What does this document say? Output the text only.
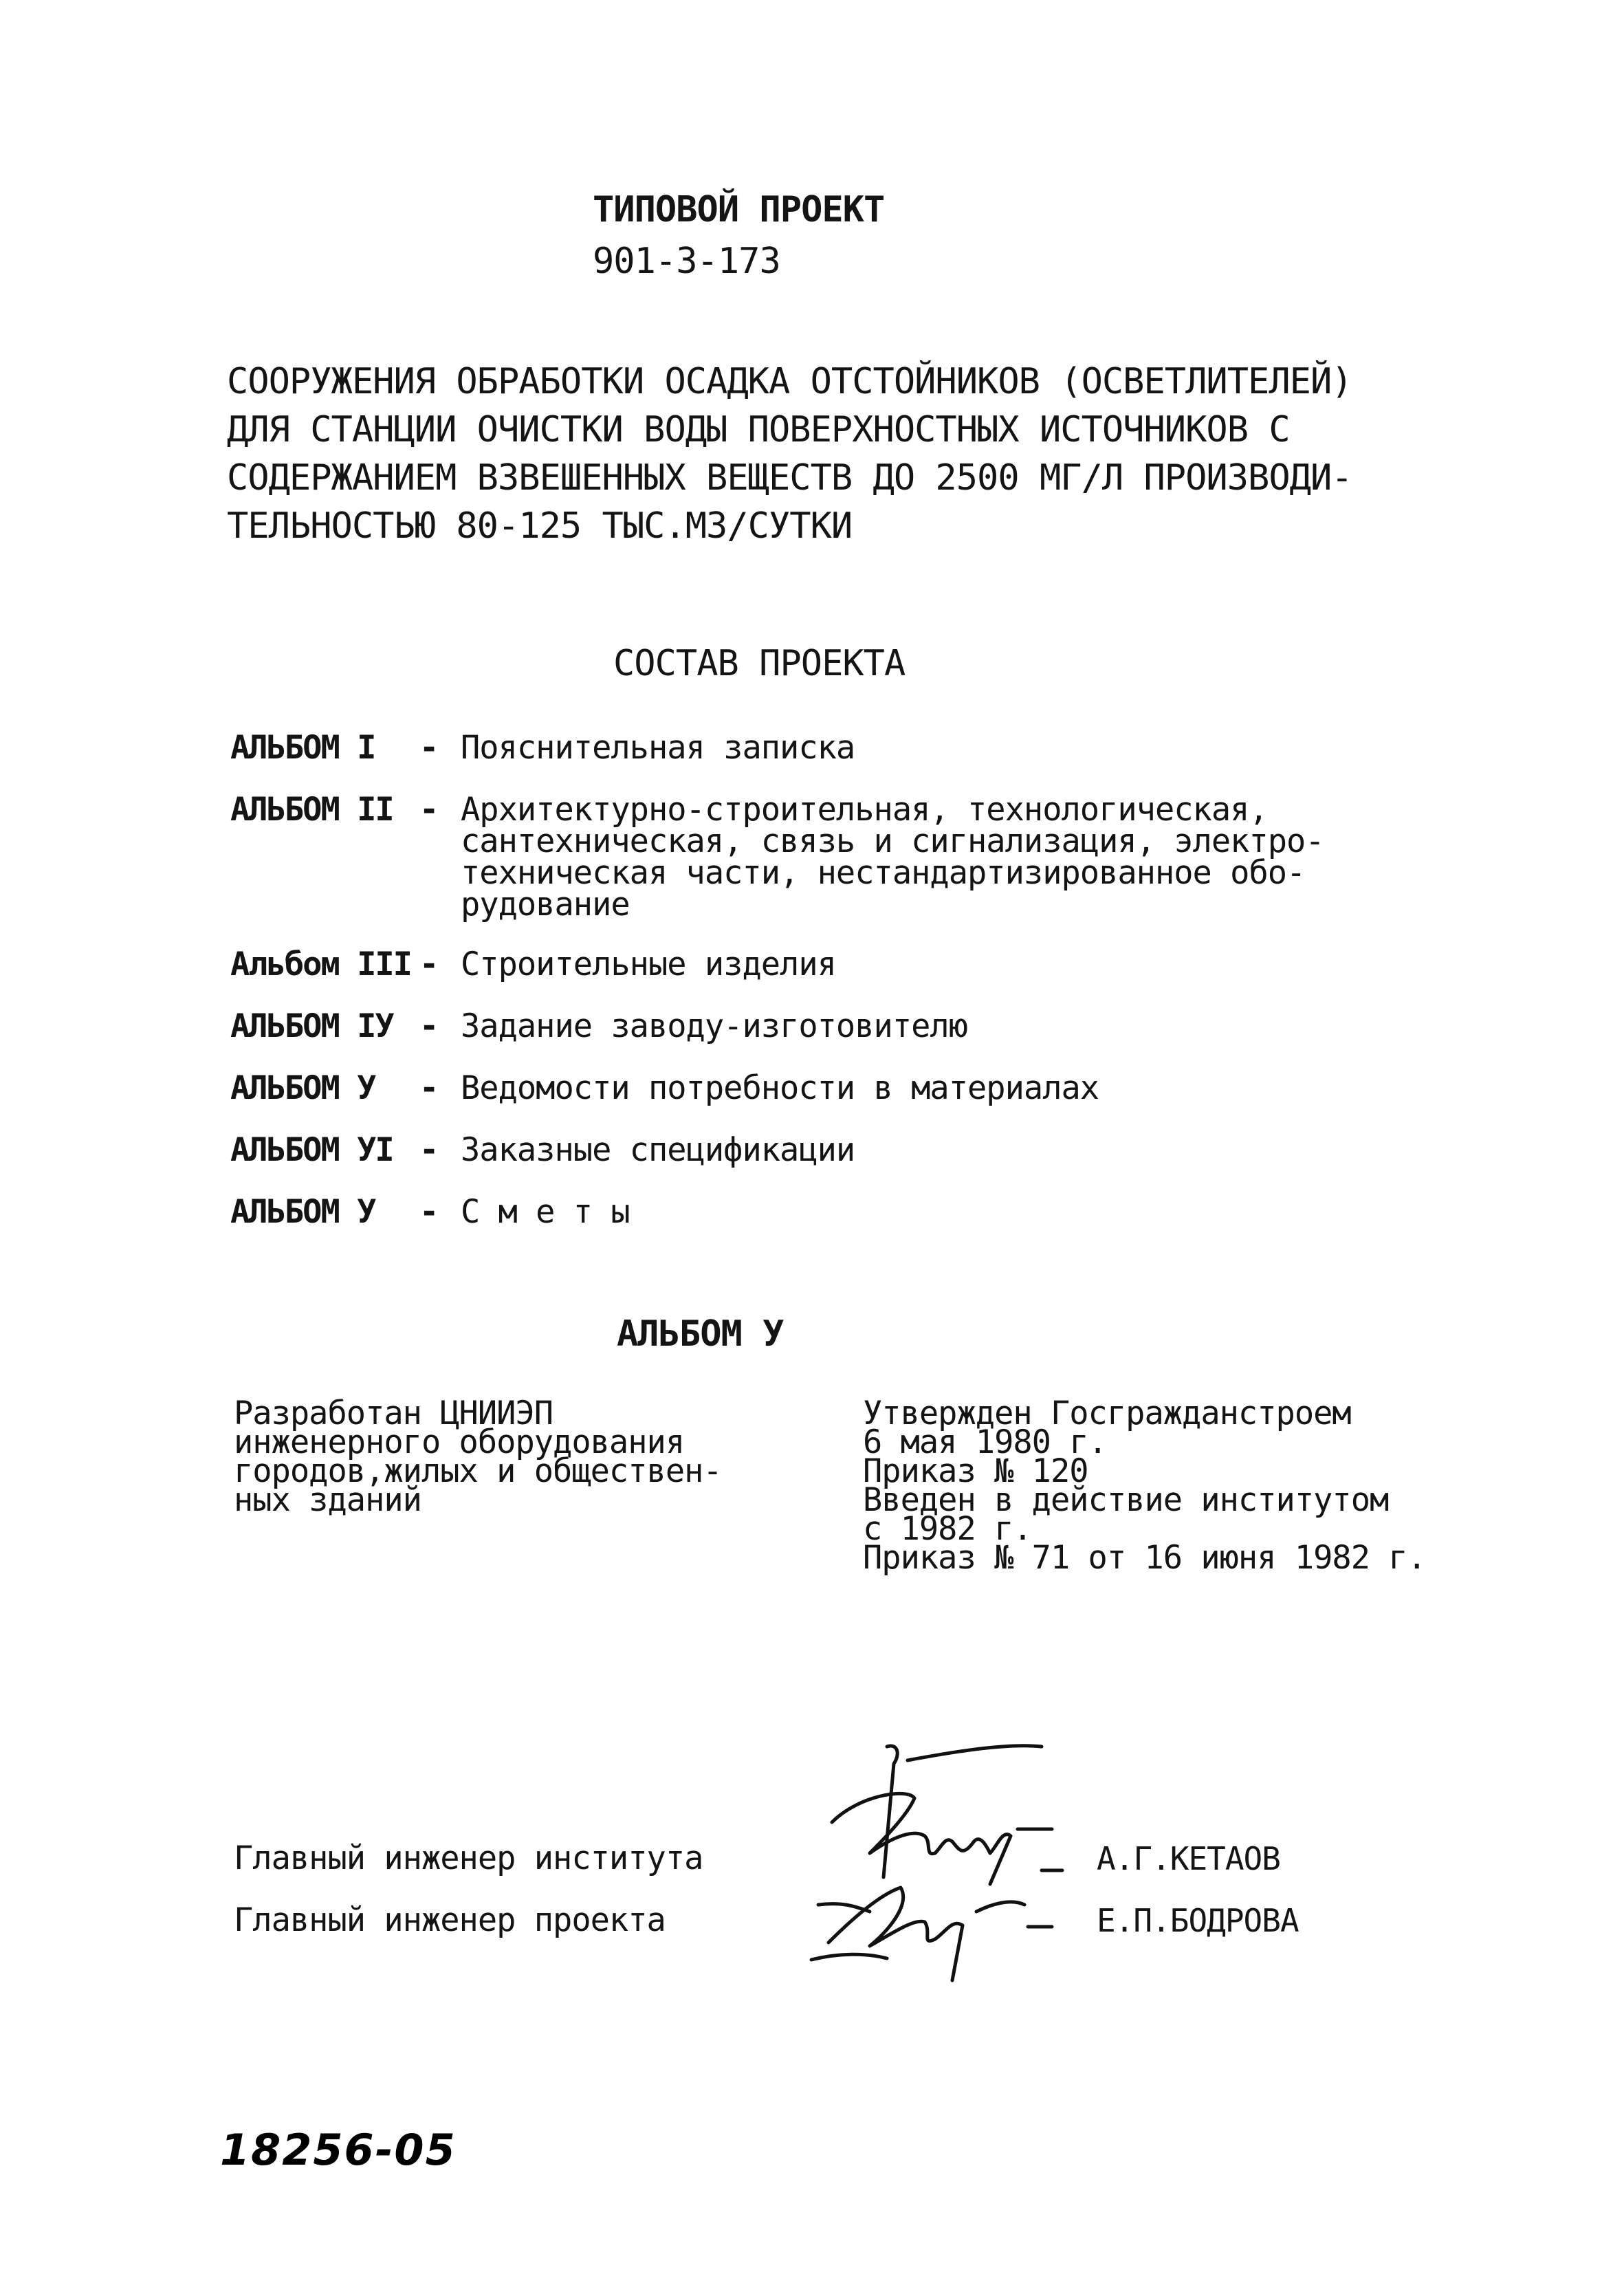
ТИПОВОЙ ПРОЕКТ
901-3-173
СООРУЖЕНИЯ ОБРАБОТКИ ОСАДКА ОТСТОЙНИКОВ (ОСВЕТЛИТЕЛЕЙ)
ДЛЯ СТАНЦИИ ОЧИСТКИ ВОДЫ ПОВЕРХНОСТНЫХ ИСТОЧНИКОВ С
СОДЕРЖАНИЕМ ВЗВЕШЕННЫХ ВЕЩЕСТВ ДО 2500 МГ/Л ПРОИЗВОДИ-
ТЕЛЬНОСТЬЮ 80-125 ТЫС.М3/СУТКИ
СОСТАВ ПРОЕКТА
АЛЬБОМ I	- Пояснительная записка
АЛЬБОМ II - Архитектурно-строительная, технологическая,
сантехническая, связь и сигнализация, электро-
техническая части, нестандартизированное обо-
рудование
Альбом III - Строительные изделия
АЛЬБОМ IУ - Задание заводу-изготовителю
АЛЬБОМ У	- Ведомости потребности в материалах
АЛЬБОМ УI - Заказные спецификации
АЛЬБОМ У	- С м е т ы
АЛЬБОМ У
Разработан ЦНИИЭП
инженерного оборудования
городов,жилых и обществен-
ных зданий
Утвержден Госгражданстроем
6 мая 1980 г.
Приказ № 120
Введен в действие институтом
с 1982 г.
Приказ № 71 от 16 июня 1982 г.
Главный инженер института	А.Г.КЕТАОВ
Главный инженер проекта	Е.П.БОДРОВА
18256-05
